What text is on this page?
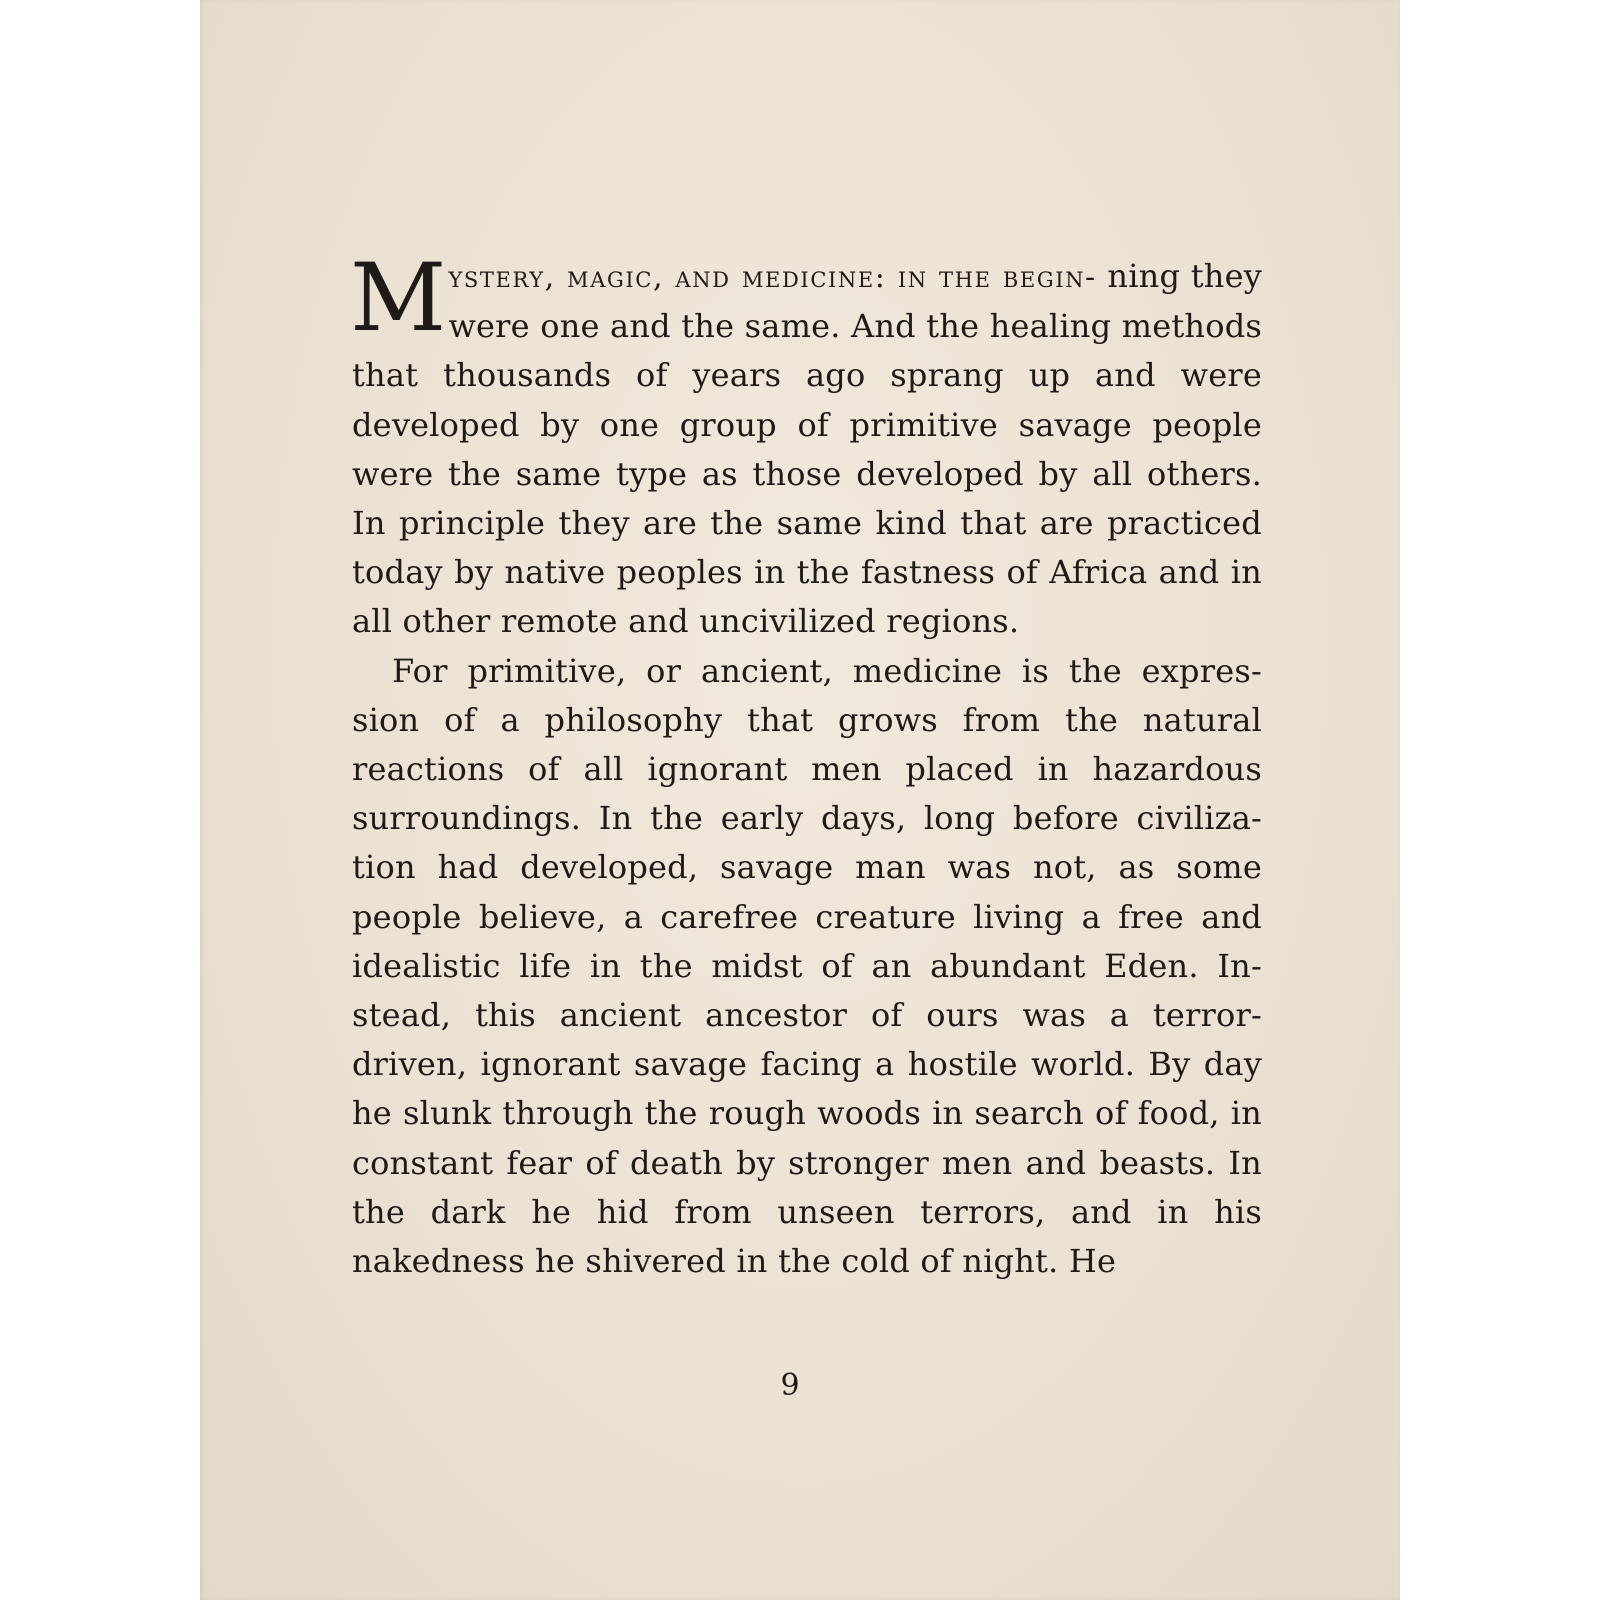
Mystery, magic, and medicine: in the begin- ning they were one and the same. And the healing methods that thousands of years ago sprang up and were developed by one group of primitive savage people were the same type as those developed by all others. In principle they are the same kind that are practiced today by native peoples in the fastness of Africa and in all other remote and uncivilized regions.

For primitive, or ancient, medicine is the expres-sion of a philosophy that grows from the natural reactions of all ignorant men placed in hazardous surroundings. In the early days, long before civiliza-tion had developed, savage man was not, as some people believe, a carefree creature living a free and idealistic life in the midst of an abundant Eden. In-stead, this ancient ancestor of ours was a terror-driven, ignorant savage facing a hostile world. By day he slunk through the rough woods in search of food, in constant fear of death by stronger men and beasts. In the dark he hid from unseen terrors, and in his nakedness he shivered in the cold of night. He

9
